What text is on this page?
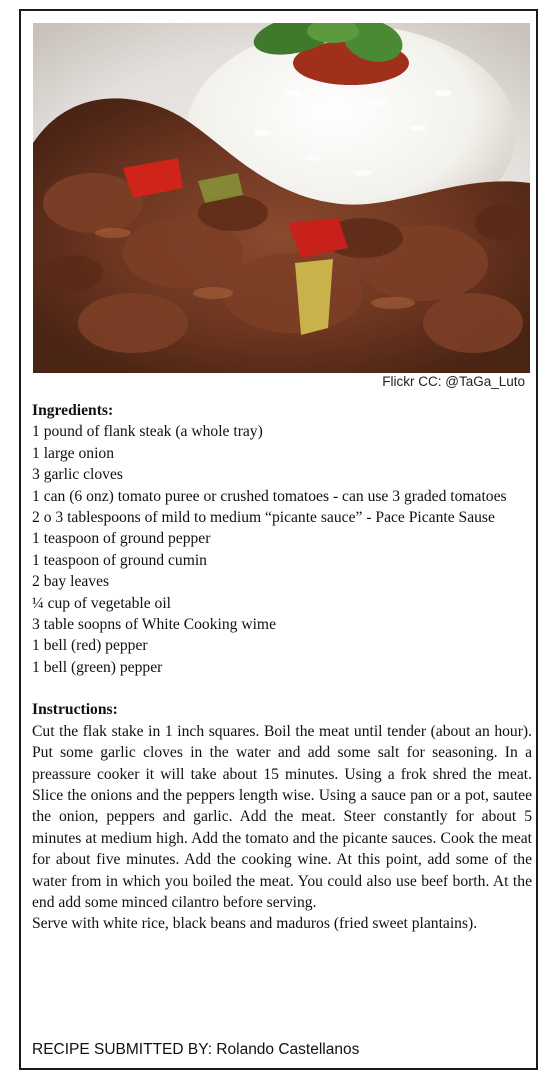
Flickr CC: @TaGa_Luto
Ingredients:
1 pound of flank steak (a whole tray)
1 large onion
3 garlic cloves
1 can (6 onz) tomato puree or crushed tomatoes - can use 3 graded tomatoes
2 o 3 tablespoons of mild to medium “picante sauce” - Pace Picante Sause
1 teaspoon of ground pepper
1 teaspoon of ground cumin
2 bay leaves
¼ cup of vegetable oil
3 table soopns of White Cooking wime
1 bell (red) pepper
1 bell (green) pepper
Instructions:

Cut the flak stake in 1 inch squares. Boil the meat until tender (about an hour). Put some garlic cloves in the water and add some salt for seasoning. In a preassure cooker it will take about 15 minutes. Using a frok shred the meat. Slice the onions and the peppers length wise. Using a sauce pan or a pot, sautee the onion, peppers and garlic. Add the meat. Steer constantly for about 5 minutes at medium high. Add the tomato and the picante sauces. Cook the meat for about five minutes. Add the cooking wine. At this point, add some of the water from in which you boiled the meat. You could also use beef borth. At the end add some minced cilantro before serving.

Serve with white rice, black beans and maduros (fried sweet plantains).

RECIPE SUBMITTED BY: Rolando Castellanos
